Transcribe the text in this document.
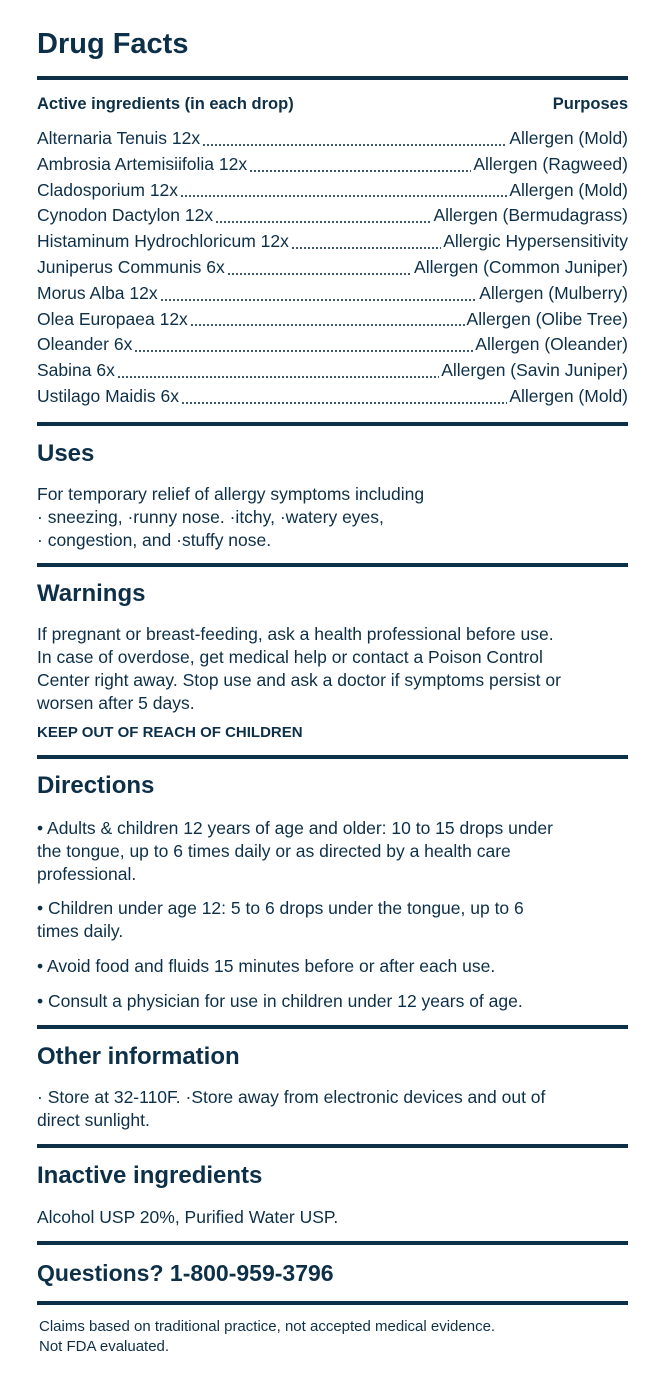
Drug Facts
Active ingredients (in each drop)	Purposes
Alternaria Tenuis 12x	Allergen (Mold)
Ambrosia Artemisiifolia 12x	Allergen (Ragweed)
Cladosporium 12x	Allergen (Mold)
Cynodon Dactylon 12x	Allergen (Bermudagrass)
Histaminum Hydrochloricum 12x	Allergic Hypersensitivity
Juniperus Communis 6x	Allergen (Common Juniper)
Morus Alba 12x	Allergen (Mulberry)
Olea Europaea 12x	Allergen (Olibe Tree)
Oleander 6x	Allergen (Oleander)
Sabina 6x	Allergen (Savin Juniper)
Ustilago Maidis 6x	Allergen (Mold)
Uses
For temporary relief of allergy symptoms including
· sneezing, ·runny nose. ·itchy, ·watery eyes,
· congestion, and ·stuffy nose.
Warnings
If pregnant or breast-feeding, ask a health professional before use.
In case of overdose, get medical help or contact a Poison Control
Center right away. Stop use and ask a doctor if symptoms persist or
worsen after 5 days.
KEEP OUT OF REACH OF CHILDREN
Directions
• Adults & children 12 years of age and older: 10 to 15 drops under
the tongue, up to 6 times daily or as directed by a health care
professional.
• Children under age 12: 5 to 6 drops under the tongue, up to 6
times daily.
• Avoid food and fluids 15 minutes before or after each use.
• Consult a physician for use in children under 12 years of age.
Other information
· Store at 32-110F. ·Store away from electronic devices and out of
direct sunlight.
Inactive ingredients
Alcohol USP 20%, Purified Water USP.
Questions? 1-800-959-3796
Claims based on traditional practice, not accepted medical evidence.
Not FDA evaluated.
